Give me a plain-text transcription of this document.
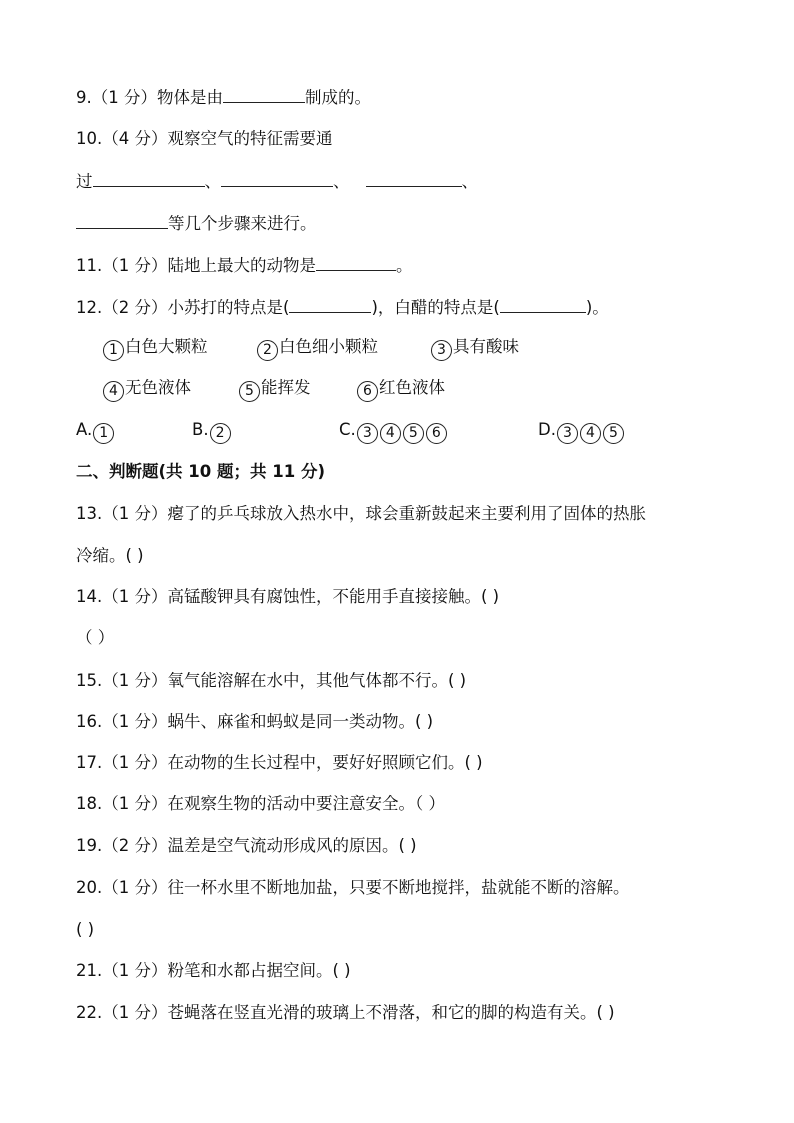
9.（1 分）物体是由	制成的。
10.（4 分）观察空气的特征需要通
过	、	、	、
等几个步骤来进行。
11.（1 分）陆地上最大的动物是	。
12.（2 分）小苏打的特点是(	)，白醋的特点是(	)。
1 白色大颗粒	2 白色细小颗粒	3 具有酸味
4 无色液体	5 能挥发	6 红色液体
A. 1	B. 2	C. 3 4 5 6	D. 3 4 5
二、判断题(共 10 题；共 11 分)
13.（1 分）瘪了的乒乓球放入热水中，球会重新鼓起来主要利用了固体的热胀
冷缩。( )
14.（1 分）高锰酸钾具有腐蚀性，不能用手直接接触。( )
（ ）
15.（1 分）氧气能溶解在水中，其他气体都不行。( )
16.（1 分）蜗牛、麻雀和蚂蚁是同一类动物。( )
17.（1 分）在动物的生长过程中，要好好照顾它们。( )
18.（1 分）在观察生物的活动中要注意安全。（ ）
19.（2 分）温差是空气流动形成风的原因。( )
20.（1 分）往一杯水里不断地加盐，只要不断地搅拌，盐就能不断的溶解。
( )
21.（1 分）粉笔和水都占据空间。( )
22.（1 分）苍蝇落在竖直光滑的玻璃上不滑落，和它的脚的构造有关。( )
